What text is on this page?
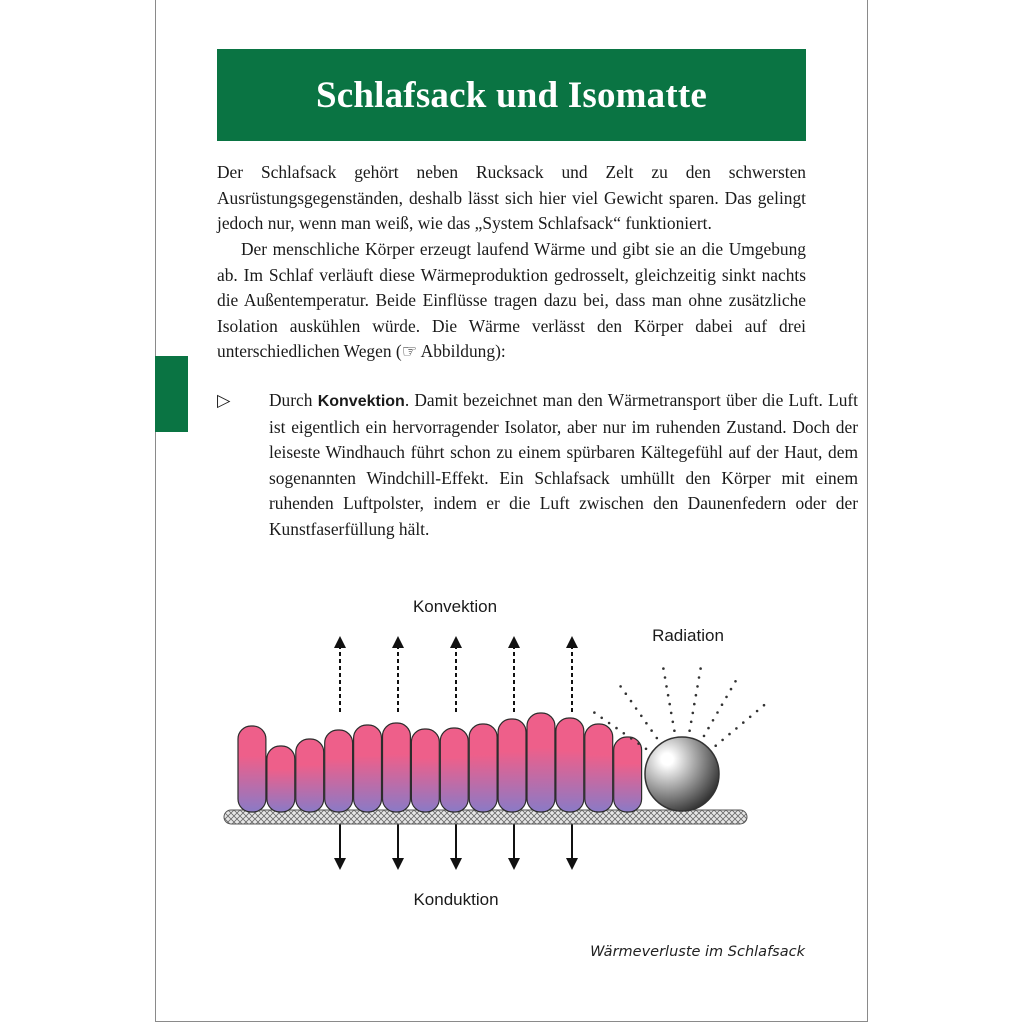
Schlafsack und Isomatte

Der Schlafsack gehört neben Rucksack und Zelt zu den schwersten Ausrüstungsgegenständen, deshalb lässt sich hier viel Gewicht sparen. Das gelingt jedoch nur, wenn man weiß, wie das „System Schlafsack“ funktioniert.

Der menschliche Körper erzeugt laufend Wärme und gibt sie an die Umgebung ab. Im Schlaf verläuft diese Wärmeproduktion gedrosselt, gleichzeitig sinkt nachts die Außentemperatur. Beide Einflüsse tragen dazu bei, dass man ohne zusätzliche Isolation auskühlen würde. Die Wärme verlässt den Körper dabei auf drei unterschiedlichen Wegen (☞ Abbildung):

▷ Durch Konvektion. Damit bezeichnet man den Wärmetransport über die Luft. Luft ist eigentlich ein hervorragender Isolator, aber nur im ruhenden Zustand. Doch der leiseste Windhauch führt schon zu einem spürbaren Kältegefühl auf der Haut, dem sogenannten Windchill-Effekt. Ein Schlafsack umhüllt den Körper mit einem ruhenden Luftpolster, indem er die Luft zwischen den Daunenfedern oder der Kunstfaserfüllung hält.

Konvektion
Radiation
Konduktion
Wärmeverluste im Schlafsack
